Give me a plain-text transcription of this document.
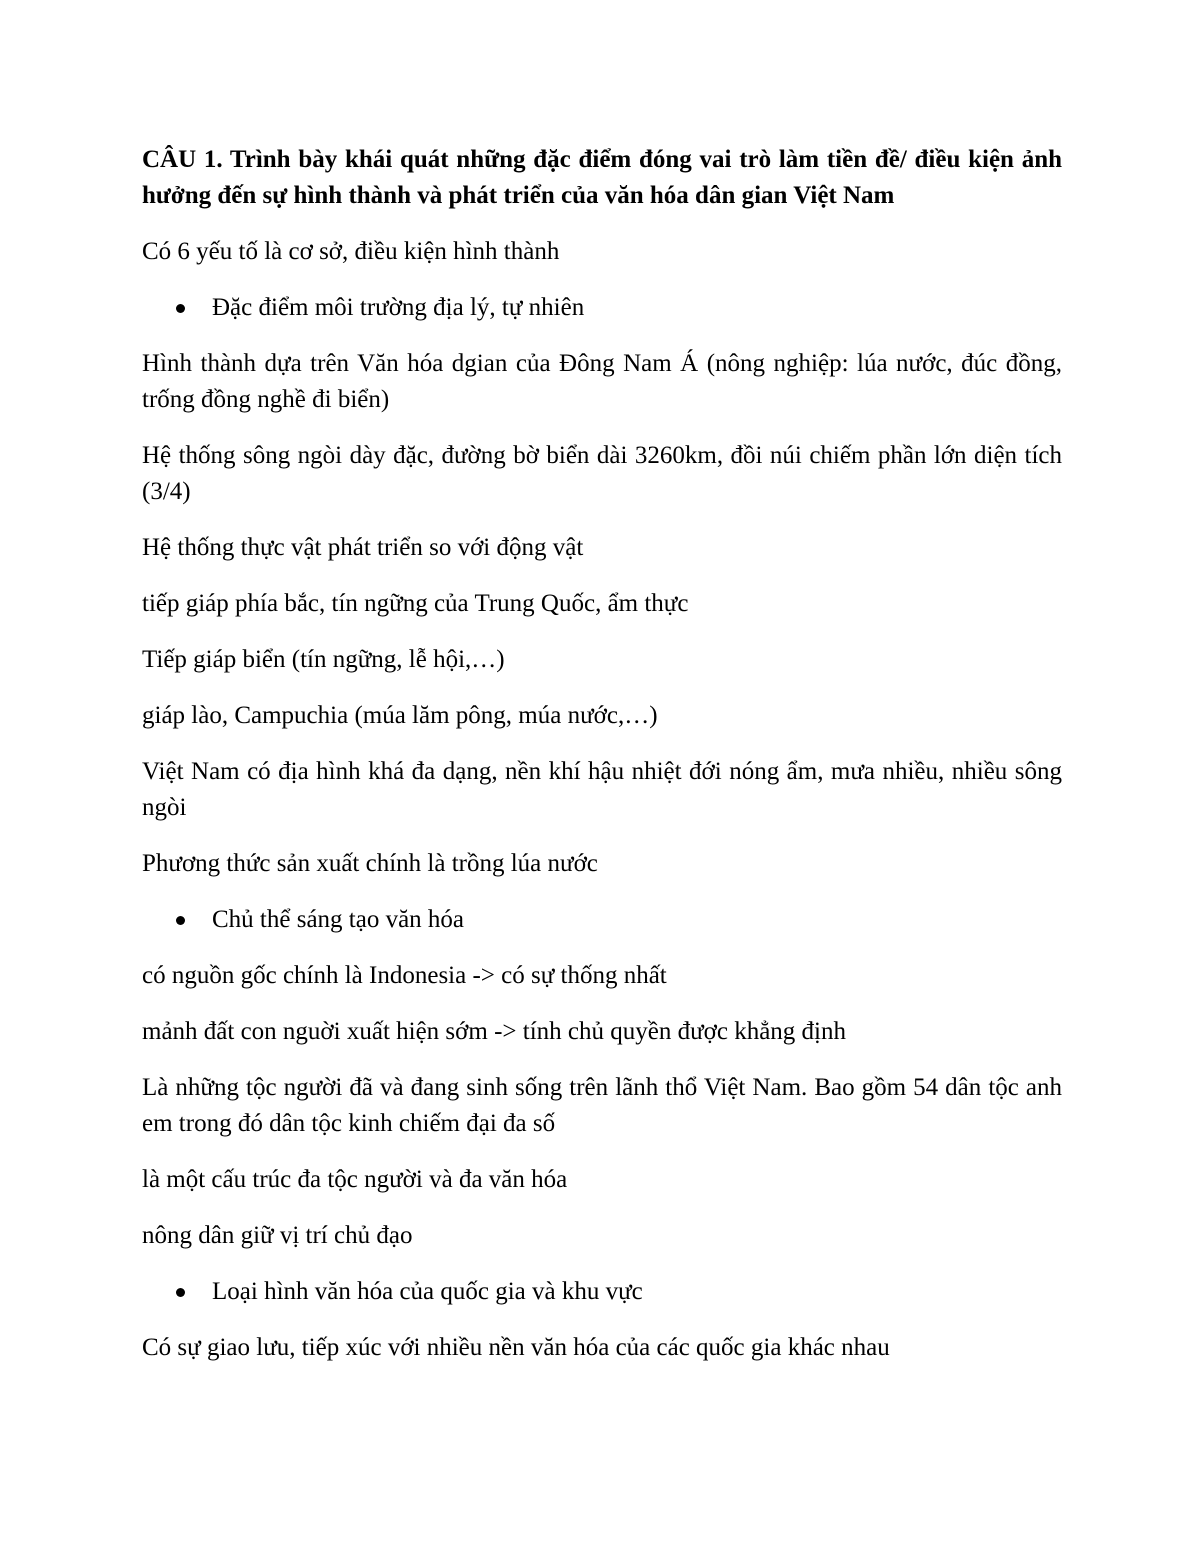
CÂU 1. Trình bày khái quát những đặc điểm đóng vai trò làm tiền đề/ điều kiện ảnh hưởng đến sự hình thành và phát triển của văn hóa dân gian Việt Nam
Có 6 yếu tố là cơ sở, điều kiện hình thành
Đặc điểm môi trường địa lý, tự nhiên
Hình thành dựa trên Văn hóa dgian của Đông Nam Á (nông nghiệp: lúa nước, đúc đồng, trống đồng nghề đi biển)
Hệ thống sông ngòi dày đặc, đường bờ biển dài 3260km, đồi núi chiếm phần lớn diện tích (3/4)
Hệ thống thực vật phát triển so với động vật
tiếp giáp phía bắc, tín ngững của Trung Quốc, ẩm thực
Tiếp giáp biển (tín ngững, lễ hội,…)
giáp lào, Campuchia (múa lăm pông, múa nước,…)
Việt Nam có địa hình khá đa dạng, nền khí hậu nhiệt đới nóng ẩm, mưa nhiều, nhiều sông ngòi
Phương thức sản xuất chính là trồng lúa nước
Chủ thể sáng tạo văn hóa
có nguồn gốc chính là Indonesia -> có sự thống nhất
mảnh đất con nguời xuất hiện sớm -> tính chủ quyền được khẳng định
Là những tộc người đã và đang sinh sống trên lãnh thổ Việt Nam. Bao gồm 54 dân tộc anh em trong đó dân tộc kinh chiếm đại đa số
là một cấu trúc đa tộc người và đa văn hóa
nông dân giữ vị trí chủ đạo
Loại hình văn hóa của quốc gia và khu vực
Có sự giao lưu, tiếp xúc với nhiều nền văn hóa của các quốc gia khác nhau
